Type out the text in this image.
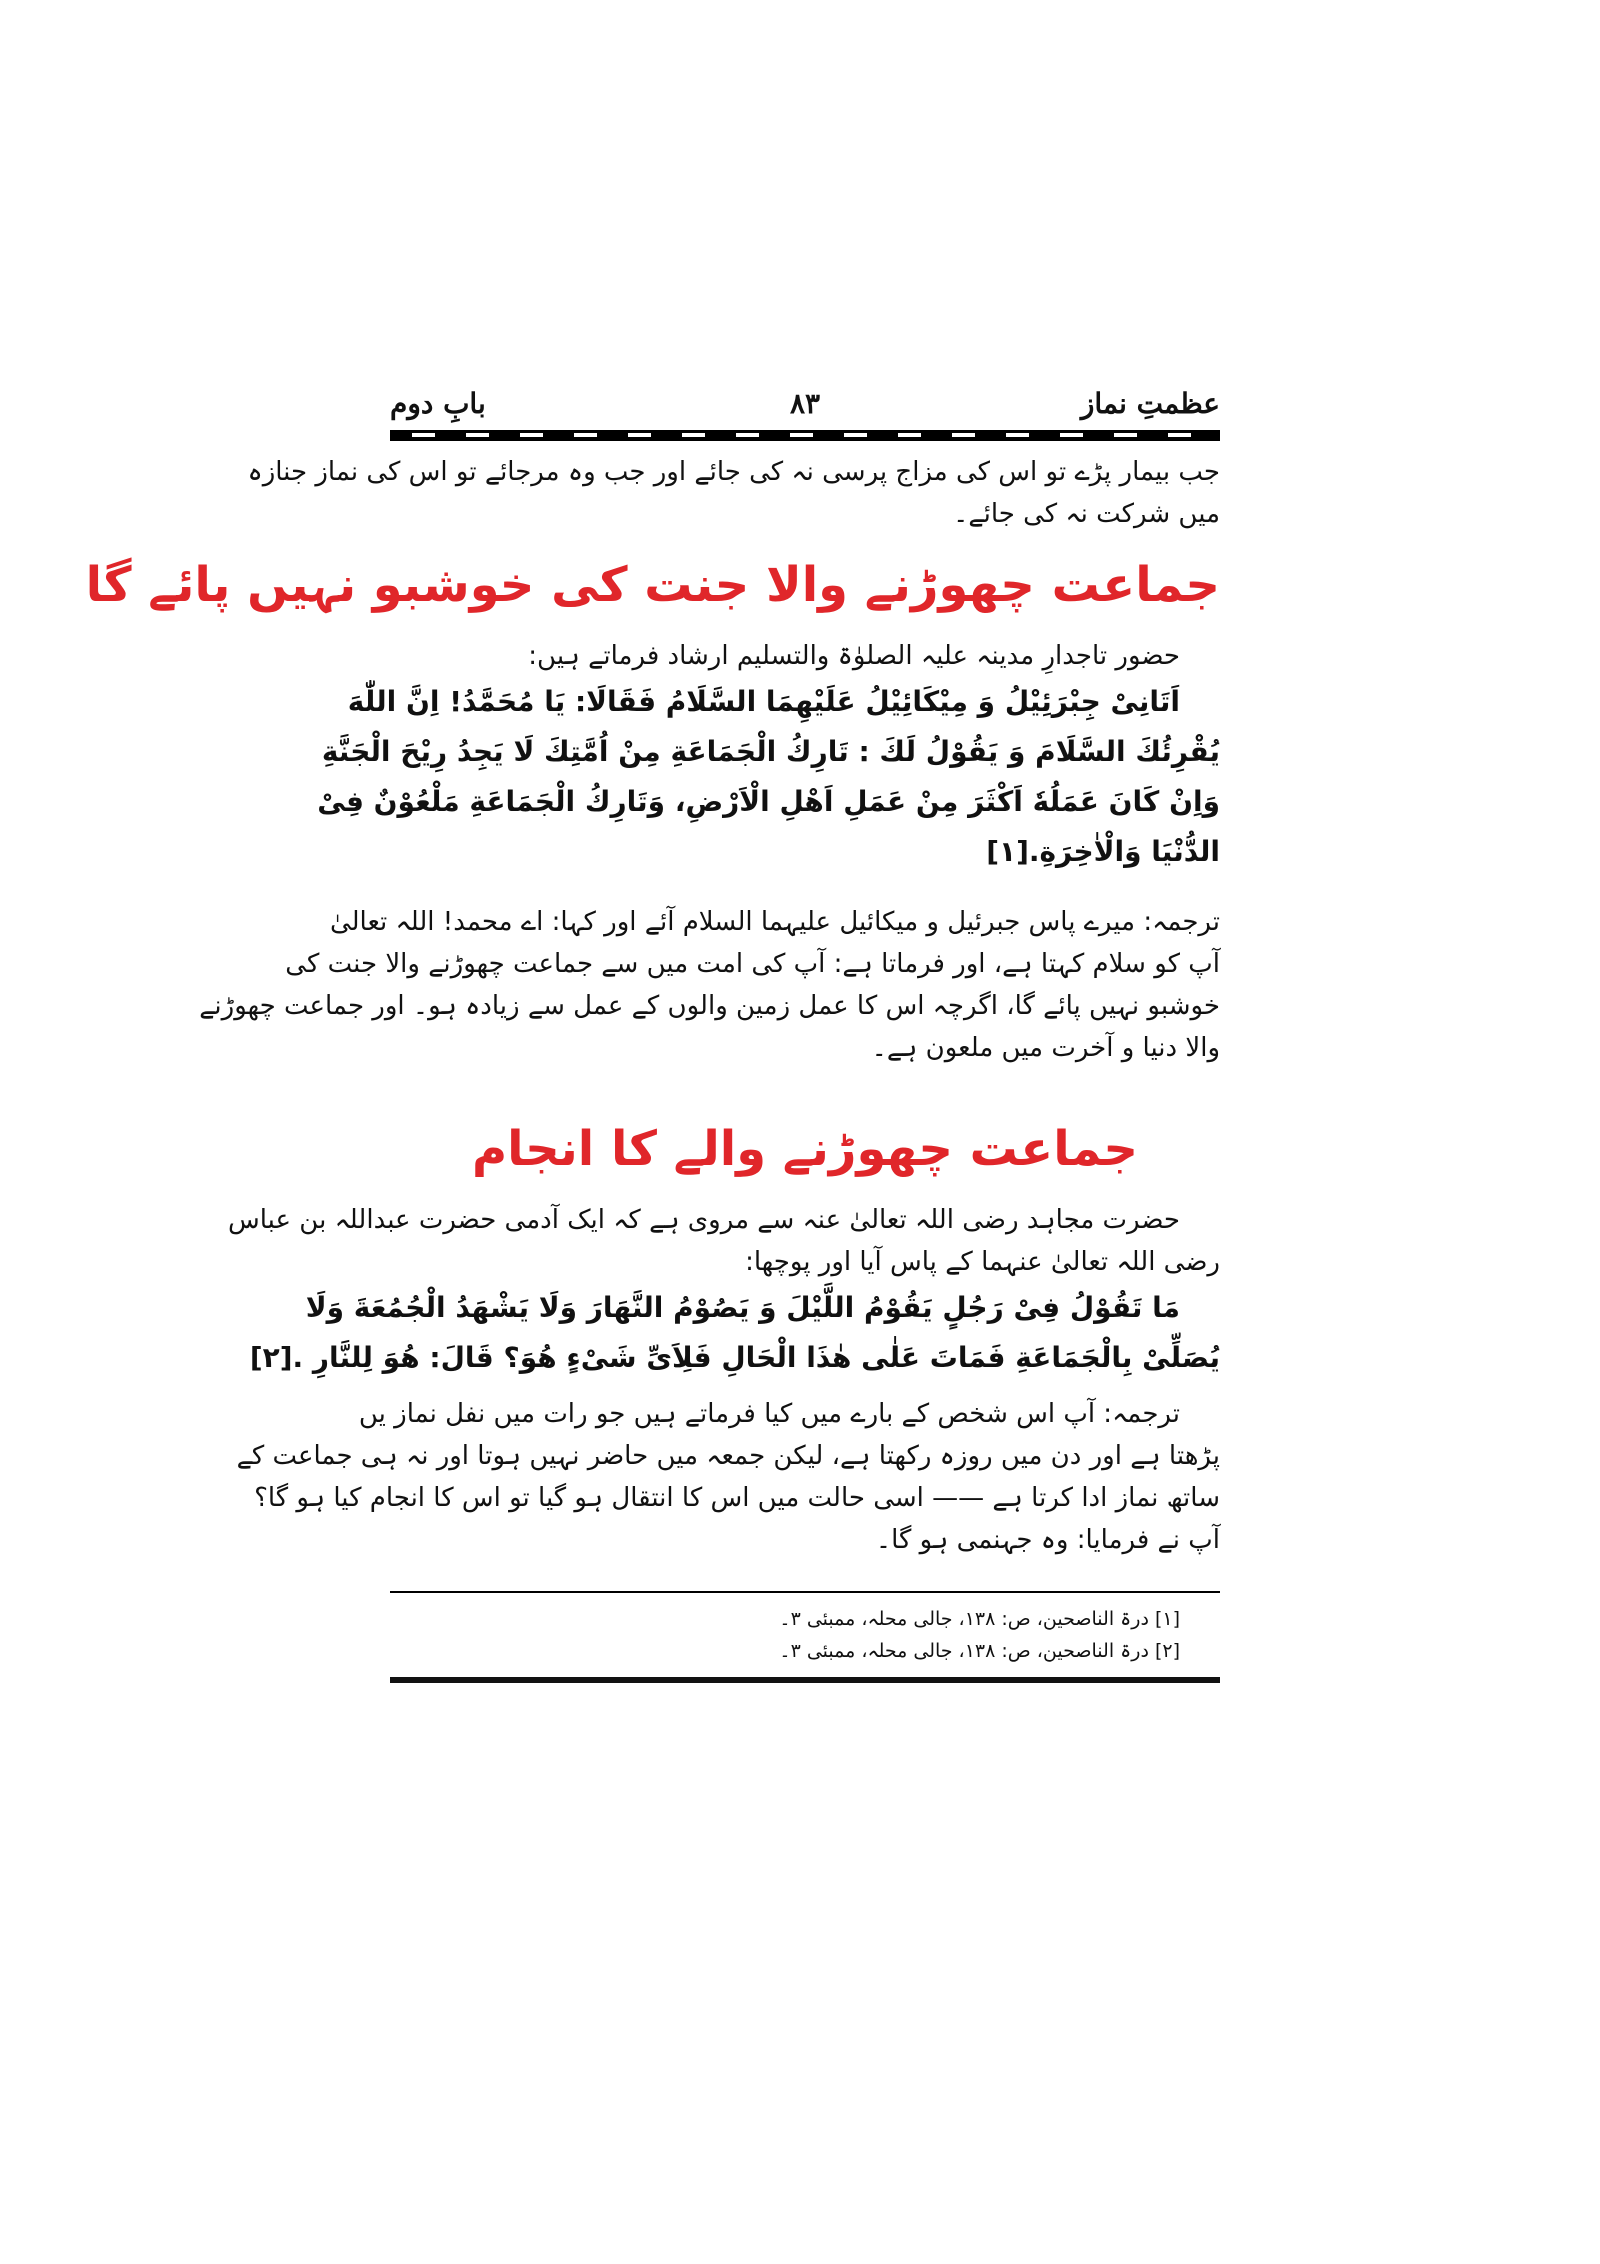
عظمتِ نماز
۸۳
بابِ دوم
جب بیمار پڑے تو اس کی مزاج پرسی نہ کی جائے اور جب وہ مرجائے تو اس کی نماز جنازہ
میں شرکت نہ کی جائے۔
جماعت چھوڑنے والا جنت کی خوشبو نہیں پائے گا
حضور تاجدارِ مدینہ علیہ الصلوٰۃ والتسلیم ارشاد فرماتے ہیں:
اَتَانِیْ جِبْرَئِیْلُ وَ مِیْکَائِیْلُ عَلَیْهِمَا السَّلَامُ فَقَالَا: یَا مُحَمَّدُ! اِنَّ اللّٰهَ
یُقْرِئُكَ السَّلَامَ وَ یَقُوْلُ لَكَ : تَارِكُ الْجَمَاعَةِ مِنْ اُمَّتِكَ لَا یَجِدُ رِیْحَ الْجَنَّةِ
وَاِنْ كَانَ عَمَلُهٗ اَكْثَرَ مِنْ عَمَلِ اَهْلِ الْاَرْضِ، وَتَارِكُ الْجَمَاعَةِ مَلْعُوْنٌ فِیْ
الدُّنْیَا وَالْاٰخِرَةِ.[۱]
ترجمہ: میرے پاس جبرئیل و میکائیل علیہما السلام آئے اور کہا: اے محمد! اللہ تعالیٰ
آپ کو سلام کہتا ہے، اور فرماتا ہے: آپ کی امت میں سے جماعت چھوڑنے والا جنت کی
خوشبو نہیں پائے گا، اگرچہ اس کا عمل زمین والوں کے عمل سے زیادہ ہو۔ اور جماعت چھوڑنے
والا دنیا و آخرت میں ملعون ہے۔
جماعت چھوڑنے والے کا انجام
حضرت مجاہد رضی اللہ تعالیٰ عنہ سے مروی ہے کہ ایک آدمی حضرت عبداللہ بن عباس
رضی اللہ تعالیٰ عنہما کے پاس آیا اور پوچھا:
مَا تَقُوْلُ فِیْ رَجُلٍ یَقُوْمُ اللَّیْلَ وَ یَصُوْمُ النَّهَارَ وَلَا یَشْهَدُ الْجُمُعَةَ وَلَا
یُصَلِّیْ بِالْجَمَاعَةِ فَمَاتَ عَلٰی هٰذَا الْحَالِ فَلِاَیِّ شَیْءٍ هُوَ؟ قَالَ: هُوَ لِلنَّارِ .[۲]
ترجمہ: آپ اس شخص کے بارے میں کیا فرماتے ہیں جو رات میں نفل نماز یں
پڑھتا ہے اور دن میں روزہ رکھتا ہے، لیکن جمعہ میں حاضر نہیں ہوتا اور نہ ہی جماعت کے
ساتھ نماز ادا کرتا ہے —— اسی حالت میں اس کا انتقال ہو گیا تو اس کا انجام کیا ہو گا؟
آپ نے فرمایا: وہ جہنمی ہو گا۔
[۱] درۃ الناصحین، ص: ۱۳۸، جالی محلہ، ممبئی ۳۔
[۲] درۃ الناصحین، ص: ۱۳۸، جالی محلہ، ممبئی ۳۔
